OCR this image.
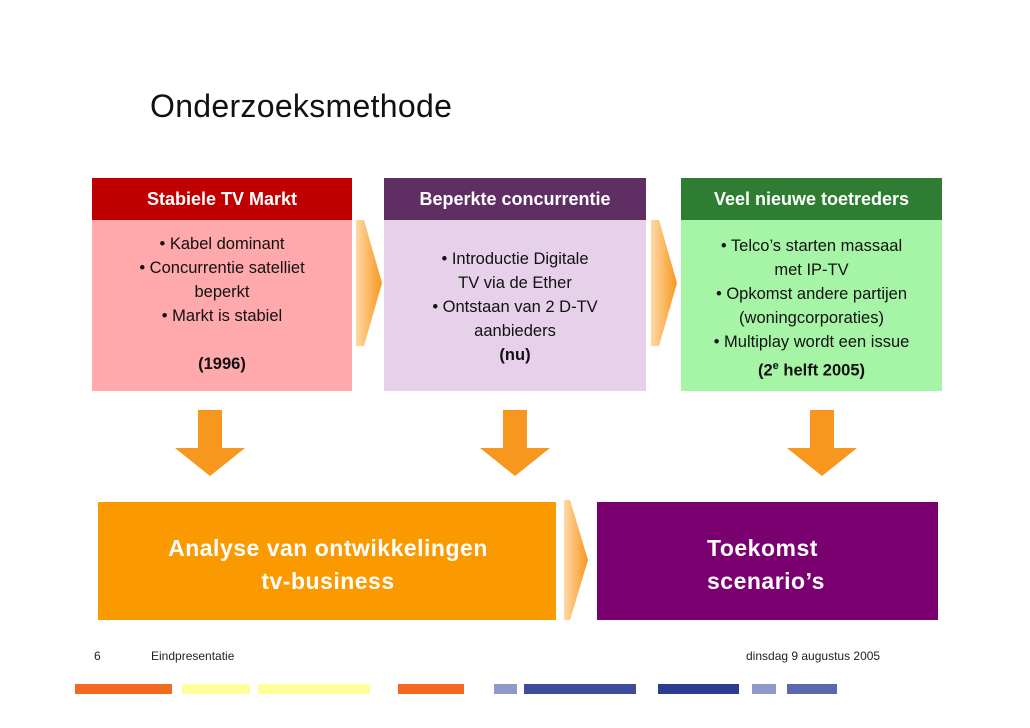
Onderzoeksmethode
Stabiele TV Markt
• Kabel dominant
• Concurrentie satelliet
beperkt
• Markt is stabiel
(1996)
Beperkte concurrentie
• Introductie Digitale
TV via de Ether
• Ontstaan van 2 D-TV
aanbieders
(nu)
Veel nieuwe toetreders
• Telco’s starten massaal
met IP-TV
• Opkomst andere partijen
(woningcorporaties)
• Multiplay wordt een issue
(2e helft 2005)
Analyse van ontwikkelingen
tv-business
Toekomst
scenario’s
6	Eindpresentatie	dinsdag 9 augustus 2005
